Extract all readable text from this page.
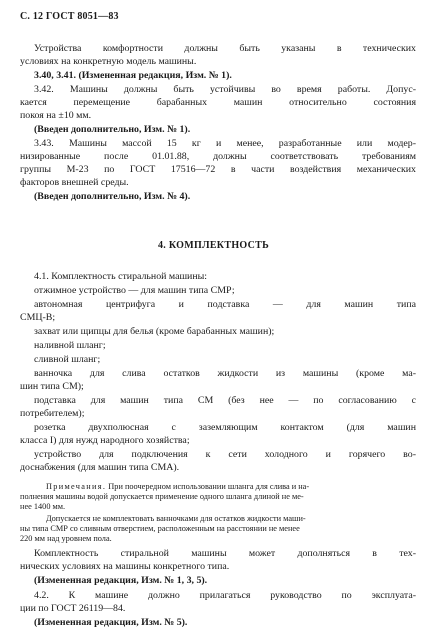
С. 12 ГОСТ 8051—83
Устройства комфортности должны быть указаны в технических
условиях на конкретную модель машины.
3.40, 3.41. (Измененная редакция, Изм. № 1).
3.42. Машины должны быть устойчивы во время работы. Допус-
кается перемещение барабанных машин относительно состояния
покоя на ±10 мм.
(Введен дополнительно, Изм. № 1).
3.43. Машины массой 15 кг и менее, разработанные или модер-
низированные после 01.01.88, должны соответствовать требованиям
группы М-23 по ГОСТ 17516—72 в части воздействия механических
факторов внешней среды.
(Введен дополнительно, Изм. № 4).
4. КОМПЛЕКТНОСТЬ
4.1. Комплектность стиральной машины:
отжимное устройство — для машин типа СМР;
автономная центрифуга и подставка — для машин типа
СМЦ-В;
захват или щипцы для белья (кроме барабанных машин);
наливной шланг;
сливной шланг;
ванночка для слива остатков жидкости из машины (кроме ма-
шин типа СМ);
подставка для машин типа СМ (без нее — по согласованию с
потребителем);
розетка двухполюсная с заземляющим контактом (для машин
класса I) для нужд народного хозяйства;
устройство для подключения к сети холодного и горячего во-
доснабжения (для машин типа СМА).
Примечания. При поочередном использовании шланга для слива и на-
полнения машины водой допускается применение одного шланга длиной не ме-
нее 1400 мм.
Допускается не комплектовать ванночками для остатков жидкости маши-
ны типа СМР со сливным отверстием, расположенным на расстоянии не менее
220 мм над уровнем пола.
Комплектность стиральной машины может дополняться в тех-
нических условиях на машины конкретного типа.
(Измененная редакция, Изм. № 1, 3, 5).
4.2. К машине должно прилагаться руководство по эксплуата-
ции по ГОСТ 26119—84.
(Измененная редакция, Изм. № 5).
